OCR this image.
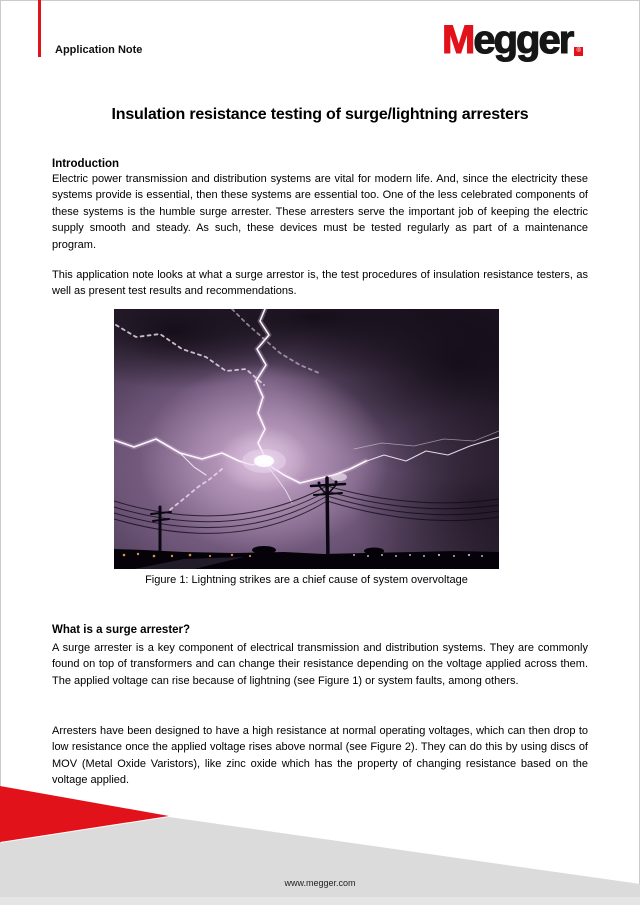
Application Note	Megger ®
Insulation resistance testing of surge/lightning arresters
Introduction
Electric power transmission and distribution systems are vital for modern life. And, since the electricity these systems provide is essential, then these systems are essential too. One of the less celebrated components of these systems is the humble surge arrester. These arresters serve the important job of keeping the electric supply smooth and steady. As such, these devices must be tested regularly as part of a maintenance program.
This application note looks at what a surge arrestor is, the test procedures of insulation resistance testers, as well as present test results and recommendations.
Figure 1: Lightning strikes are a chief cause of system overvoltage
What is a surge arrester?
A surge arrester is a key component of electrical transmission and distribution systems. They are commonly found on top of transformers and can change their resistance depending on the voltage applied across them. The applied voltage can rise because of lightning (see Figure 1) or system faults, among others.
Arresters have been designed to have a high resistance at normal operating voltages, which can then drop to low resistance once the applied voltage rises above normal (see Figure 2). They can do this by using discs of MOV (Metal Oxide Varistors), like zinc oxide which has the property of changing resistance based on the voltage applied.
www.megger.com
